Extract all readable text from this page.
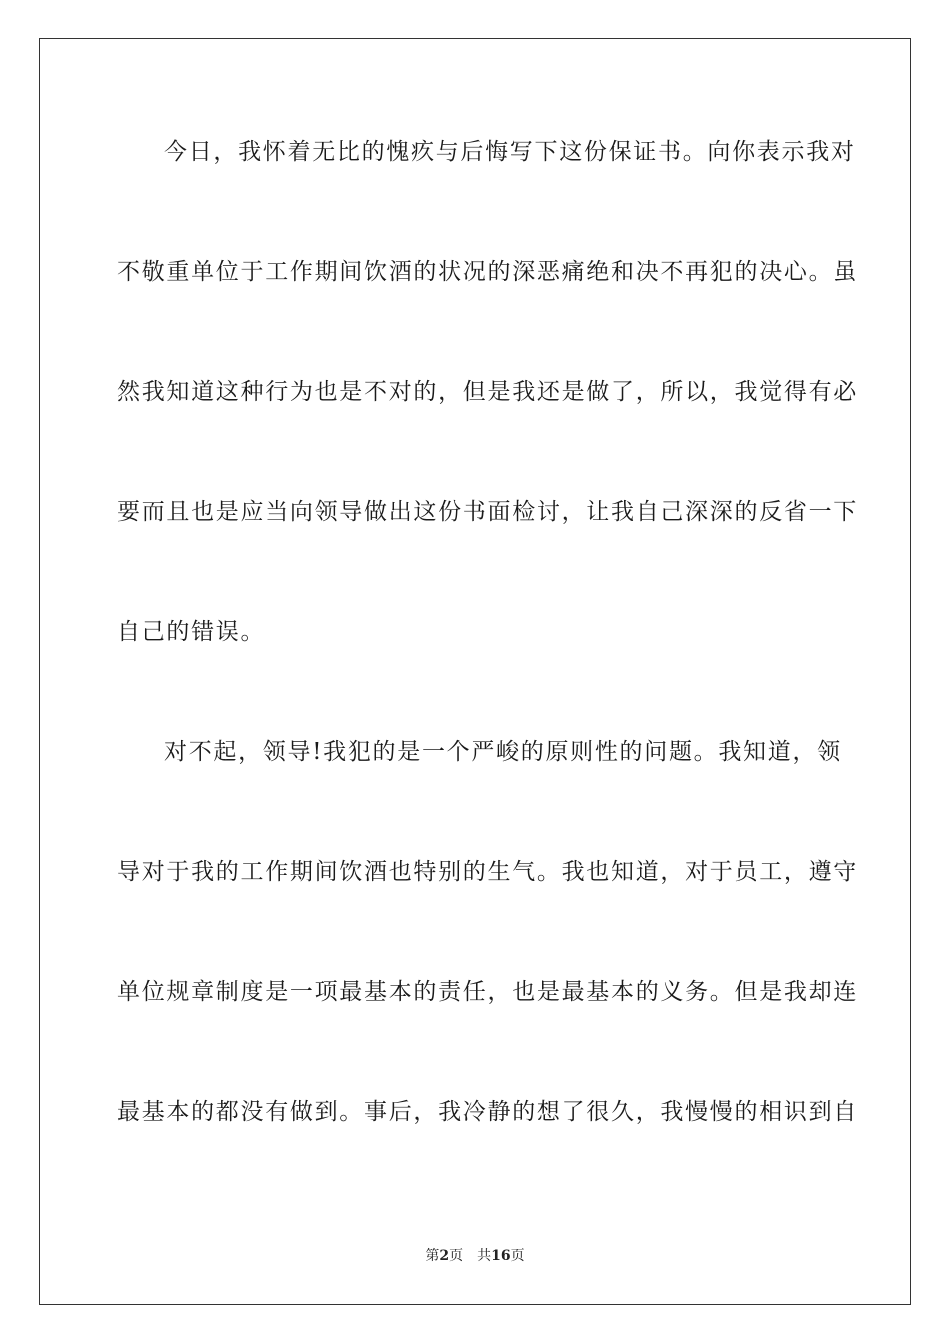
今日，我怀着无比的愧疚与后悔写下这份保证书。向你表示我对
不敬重单位于工作期间饮酒的状况的深恶痛绝和决不再犯的决心。虽
然我知道这种行为也是不对的，但是我还是做了，所以，我觉得有必
要而且也是应当向领导做出这份书面检讨，让我自己深深的反省一下
自己的错误。
对不起，领导!我犯的是一个严峻的原则性的问题。我知道，领
导对于我的工作期间饮酒也特别的生气。我也知道，对于员工，遵守
单位规章制度是一项最基本的责任，也是最基本的义务。但是我却连
最基本的都没有做到。事后，我冷静的想了很久，我慢慢的相识到自
第2页 共16页
